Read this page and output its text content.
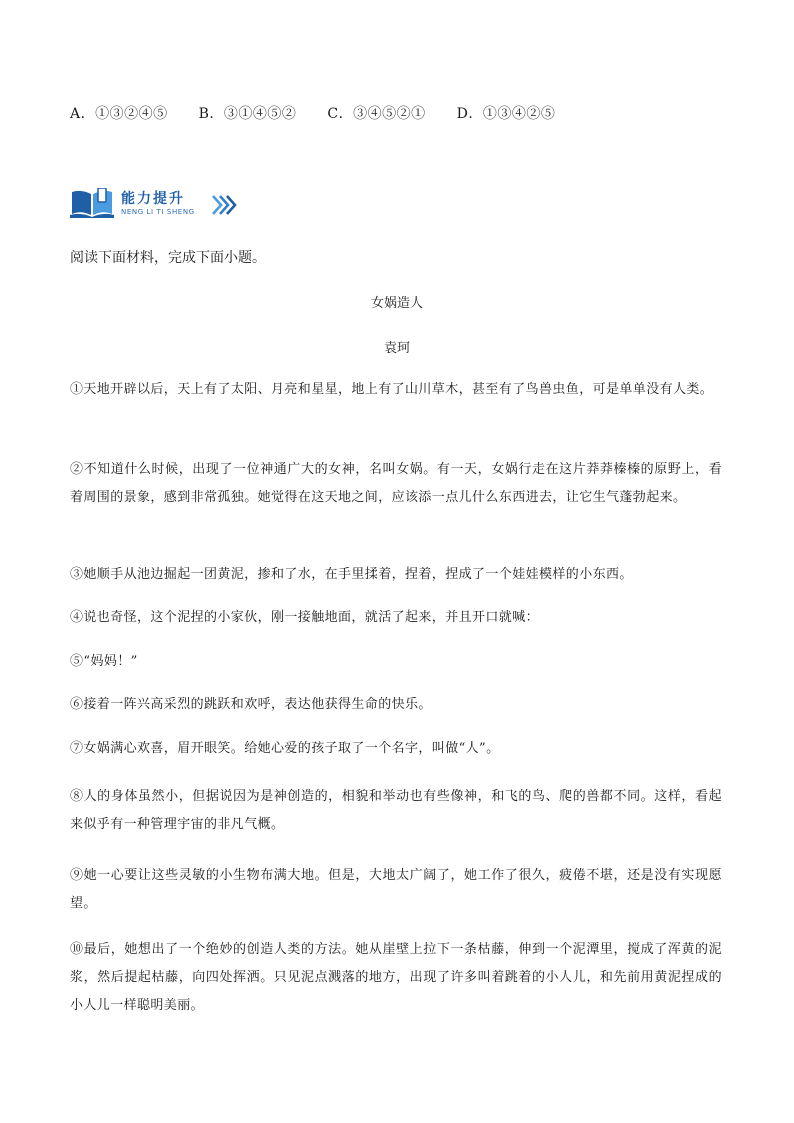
A．①③②④⑤ B．③①④⑤② C．③④⑤②① D．①③④②⑤
能力提升
NENG LI TI SHENG
阅读下面材料，完成下面小题。
女娲造人
袁珂
①天地开辟以后，天上有了太阳、月亮和星星，地上有了山川草木，甚至有了鸟兽虫鱼，可是单单没有人类。
②不知道什么时候，出现了一位神通广大的女神，名叫女娲。有一天，女娲行走在这片莽莽榛榛的原野上，看着周围的景象，感到非常孤独。她觉得在这天地之间，应该添一点儿什么东西进去，让它生气蓬勃起来。
③她顺手从池边掘起一团黄泥，掺和了水，在手里揉着，捏着，捏成了一个娃娃模样的小东西。
④说也奇怪，这个泥捏的小家伙，刚一接触地面，就活了起来，并且开口就喊：
⑤“妈妈！”
⑥接着一阵兴高采烈的跳跃和欢呼，表达他获得生命的快乐。
⑦女娲满心欢喜，眉开眼笑。给她心爱的孩子取了一个名字，叫做“人”。
⑧人的身体虽然小，但据说因为是神创造的，相貌和举动也有些像神，和飞的鸟、爬的兽都不同。这样，看起来似乎有一种管理宇宙的非凡气概。
⑨她一心要让这些灵敏的小生物布满大地。但是，大地太广阔了，她工作了很久，疲倦不堪，还是没有实现愿望。
⑩最后，她想出了一个绝妙的创造人类的方法。她从崖壁上拉下一条枯藤，伸到一个泥潭里，搅成了浑黄的泥浆，然后提起枯藤，向四处挥洒。只见泥点溅落的地方，出现了许多叫着跳着的小人儿，和先前用黄泥捏成的小人儿一样聪明美丽。
